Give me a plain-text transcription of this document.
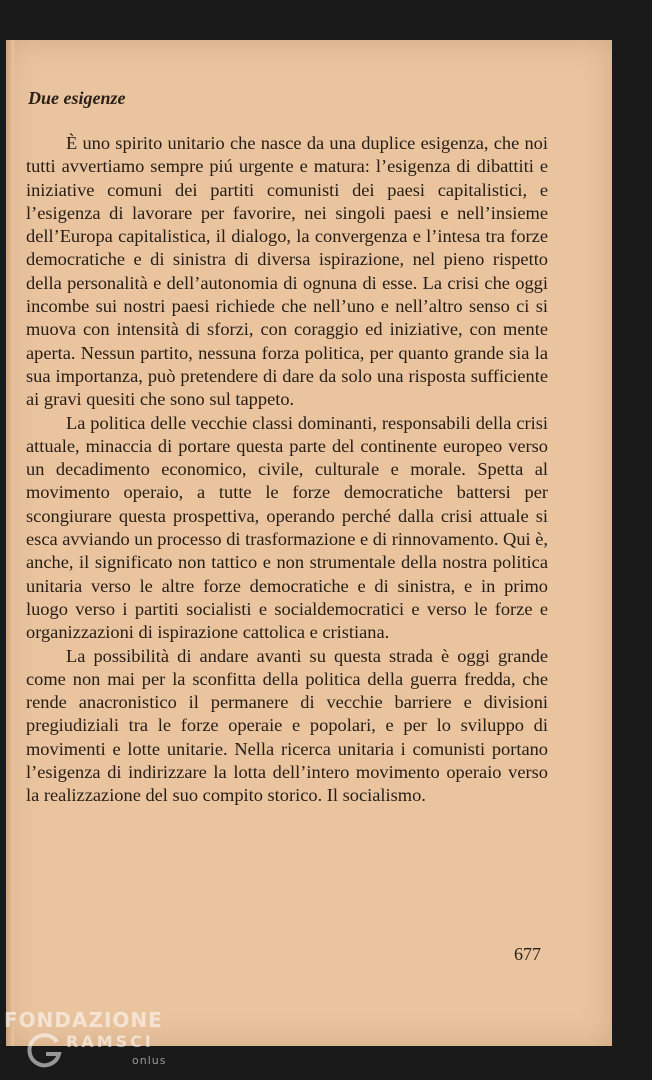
Due esigenze

È uno spirito unitario che nasce da una duplice esigenza, che noi tutti avvertiamo sempre piú urgente e matura: l’esigenza di dibattiti e iniziative comuni dei partiti comunisti dei paesi capitalistici, e l’esigenza di lavorare per favorire, nei singoli paesi e nell’insieme dell’Europa capitalistica, il dialogo, la convergenza e l’intesa tra forze democratiche e di sinistra di diversa ispirazione, nel pieno rispetto della personalità e dell’autonomia di ognuna di esse. La crisi che oggi incombe sui nostri paesi richiede che nell’uno e nell’altro senso ci si muova con intensità di sforzi, con coraggio ed iniziative, con mente aperta. Nessun partito, nessuna forza politica, per quanto grande sia la sua importanza, può pretendere di dare da solo una risposta sufficiente ai gravi quesiti che sono sul tappeto.

La politica delle vecchie classi dominanti, responsabili della crisi attuale, minaccia di portare questa parte del continente europeo verso un decadimento economico, civile, culturale e morale. Spetta al movimento operaio, a tutte le forze democratiche battersi per scongiurare questa prospettiva, operando perché dalla crisi attuale si esca avviando un processo di trasformazione e di rinnovamento. Qui è, anche, il significato non tattico e non strumentale della nostra politica unitaria verso le altre forze democratiche e di sinistra, e in primo luogo verso i partiti socialisti e socialdemocratici e verso le forze e organizzazioni di ispirazione cattolica e cristiana.

La possibilità di andare avanti su questa strada è oggi grande come non mai per la sconfitta della politica della guerra fredda, che rende anacronistico il permanere di vecchie barriere e divisioni pregiudiziali tra le forze operaie e popolari, e per lo sviluppo di movimenti e lotte unitarie. Nella ricerca unitaria i comunisti portano l’esigenza di indirizzare la lotta dell’intero movimento operaio verso la realizzazione del suo compito storico. Il socialismo.

677
FONDAZIONE
RAMSCI
onlus
